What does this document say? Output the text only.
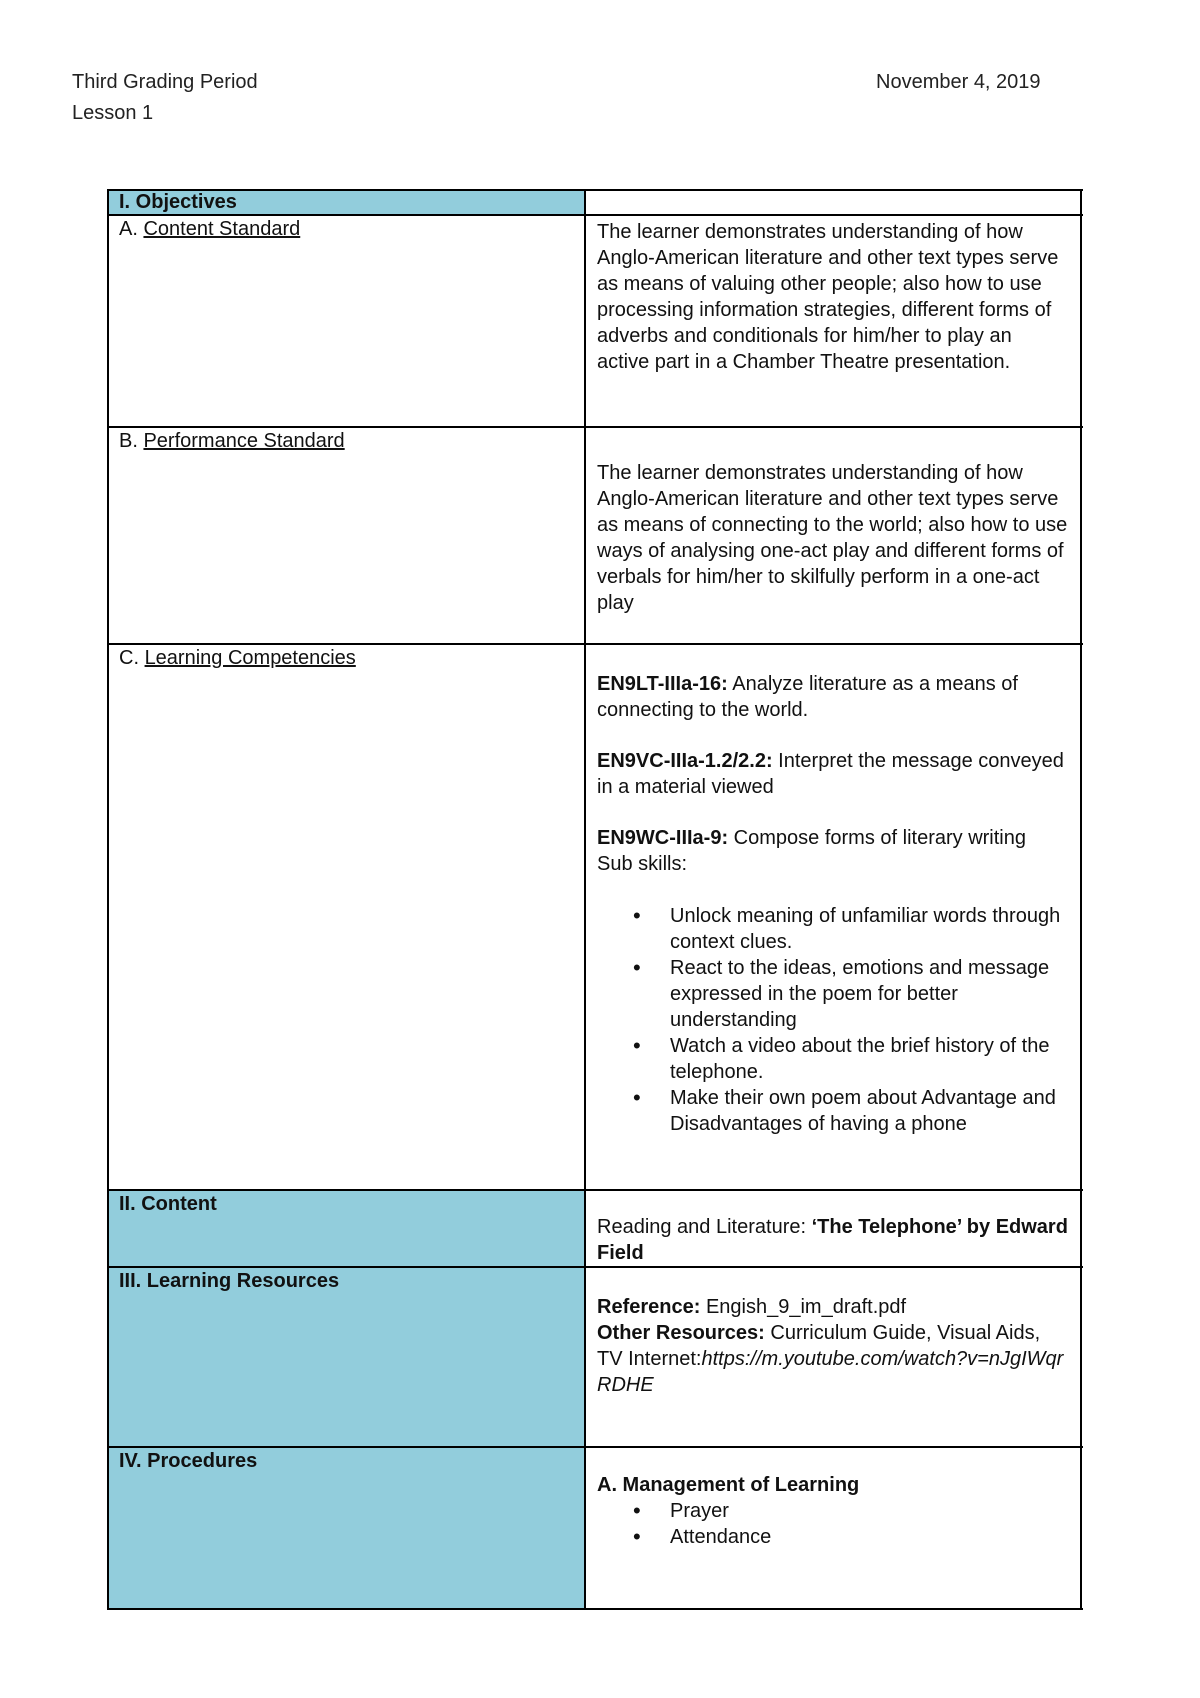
Third Grading Period
Lesson 1
November 4, 2019
I. Objectives
A. Content Standard	The learner demonstrates understanding of how Anglo-American literature and other text types serve as means of valuing other people; also how to use processing information strategies, different forms of adverbs and conditionals for him/her to play an active part in a Chamber Theatre presentation.

B. Performance Standard

The learner demonstrates understanding of how Anglo-American literature and other text types serve as means of connecting to the world; also how to use ways of analysing one-act play and different forms of verbals for him/her to skilfully perform in a one-act play

C. Learning Competencies

EN9LT-IIIa-16: Analyze literature as a means of connecting to the world.

EN9VC-IIIa-1.2/2.2: Interpret the message conveyed in a material viewed

EN9WC-IIIa-9: Compose forms of literary writing

Sub skills:

• Unlock meaning of unfamiliar words through context clues.
• React to the ideas, emotions and message expressed in the poem for better understanding
• Watch a video about the brief history of the telephone.
• Make their own poem about Advantage and Disadvantages of having a phone
II. Content

Reading and Literature: ‘The Telephone’ by Edward Field

III. Learning Resources

Reference: Engish_9_im_draft.pdf

Other Resources: Curriculum Guide, Visual Aids, TV Internet:https://m.youtube.com/watch?v=nJgIWqrRDHE

IV. Procedures

A. Management of Learning

• Prayer
• Attendance
